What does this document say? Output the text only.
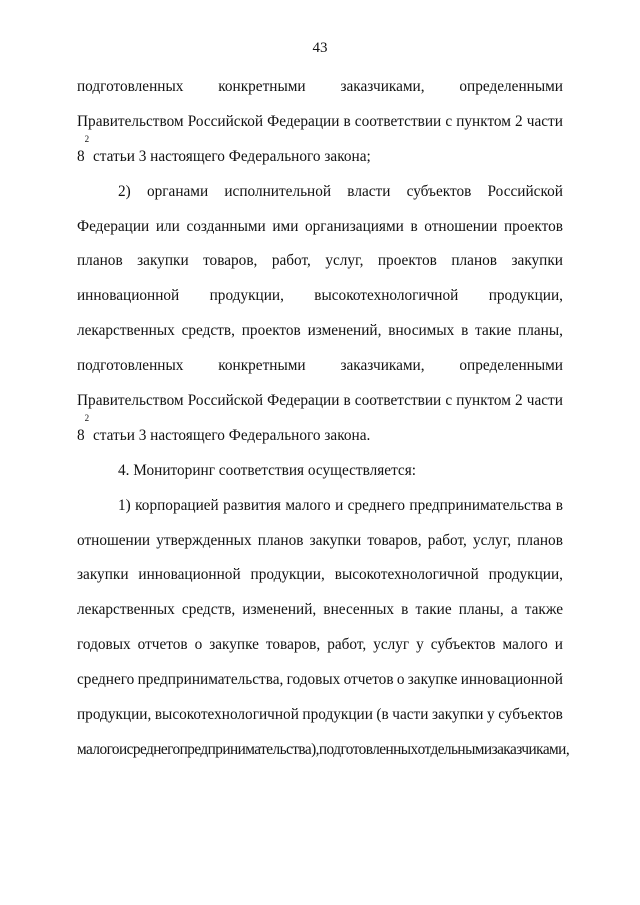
43
подготовленных конкретными заказчиками, определенными
Правительством Российской Федерации в соответствии с пунктом 2 части
8
$^2$
статьи 3 настоящего Федерального закона;
2) органами исполнительной власти субъектов Российской
Федерации или созданными ими организациями в отношении проектов
планов закупки товаров, работ, услуг, проектов планов закупки
инновационной продукции, высокотехнологичной продукции,
лекарственных средств, проектов изменений, вносимых в такие планы,
подготовленных конкретными заказчиками, определенными
Правительством Российской Федерации в соответствии с пунктом 2 части
8
$^2$
статьи 3 настоящего Федерального закона.
4. Мониторинг соответствия осуществляется:
1) корпорацией развития малого и среднего предпринимательства в
отношении утвержденных планов закупки товаров, работ, услуг, планов
закупки инновационной продукции, высокотехнологичной продукции,
лекарственных средств, изменений, внесенных в такие планы, а также
годовых отчетов о закупке товаров, работ, услуг у субъектов малого и
среднего предпринимательства, годовых отчетов о закупке инновационной
продукции, высокотехнологичной продукции (в части закупки у субъектов
малого и среднего предпринимательства), подготовленных отдельными заказчиками,
